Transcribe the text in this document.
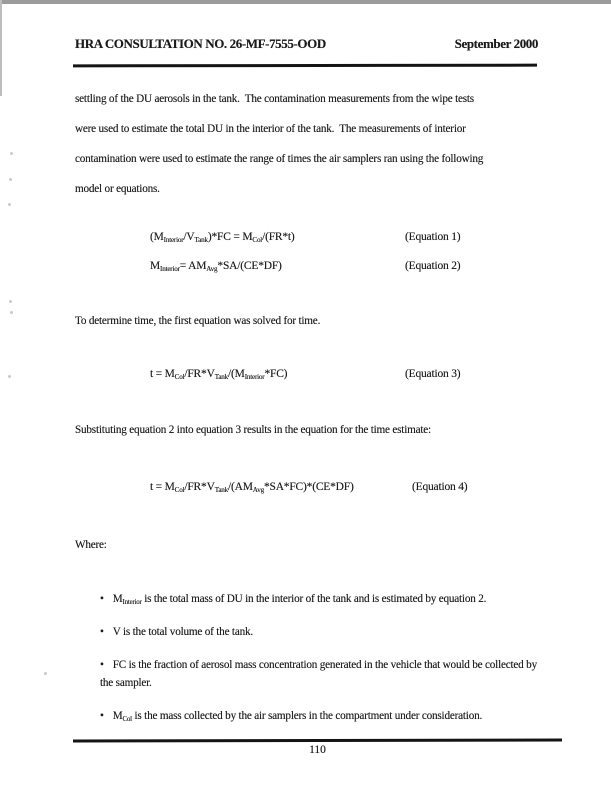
HRA CONSULTATION NO. 26-MF-7555-OOD	September 2000
settling of the DU aerosols in the tank.  The contamination measurements from the wipe tests
were used to estimate the total DU in the interior of the tank.  The measurements of interior
contamination were used to estimate the range of times the air samplers ran using the following
model or equations.
$(M_{Interior}/V_{Tank})*FC = M_{Col}/(FR*t)$	(Equation 1)
$M_{Interior}= AM_{Avg}*SA/(CE*DF)$	(Equation 2)
To determine time, the first equation was solved for time.
$t = M_{Col}/FR*V_{Tank}/(M_{Interior}*FC)$	(Equation 3)
Substituting equation 2 into equation 3 results in the equation for the time estimate:
$t = M_{Col}/FR*V_{Tank}/(AM_{Avg}*SA*FC)*(CE*DF)$	(Equation 4)
Where:
• $M_{Interior}$ is the total mass of DU in the interior of the tank and is estimated by equation 2.
• V is the total volume of the tank.
• FC is the fraction of aerosol mass concentration generated in the vehicle that would be collected by the sampler.
• $M_{Col}$ is the mass collected by the air samplers in the compartment under consideration.
110
